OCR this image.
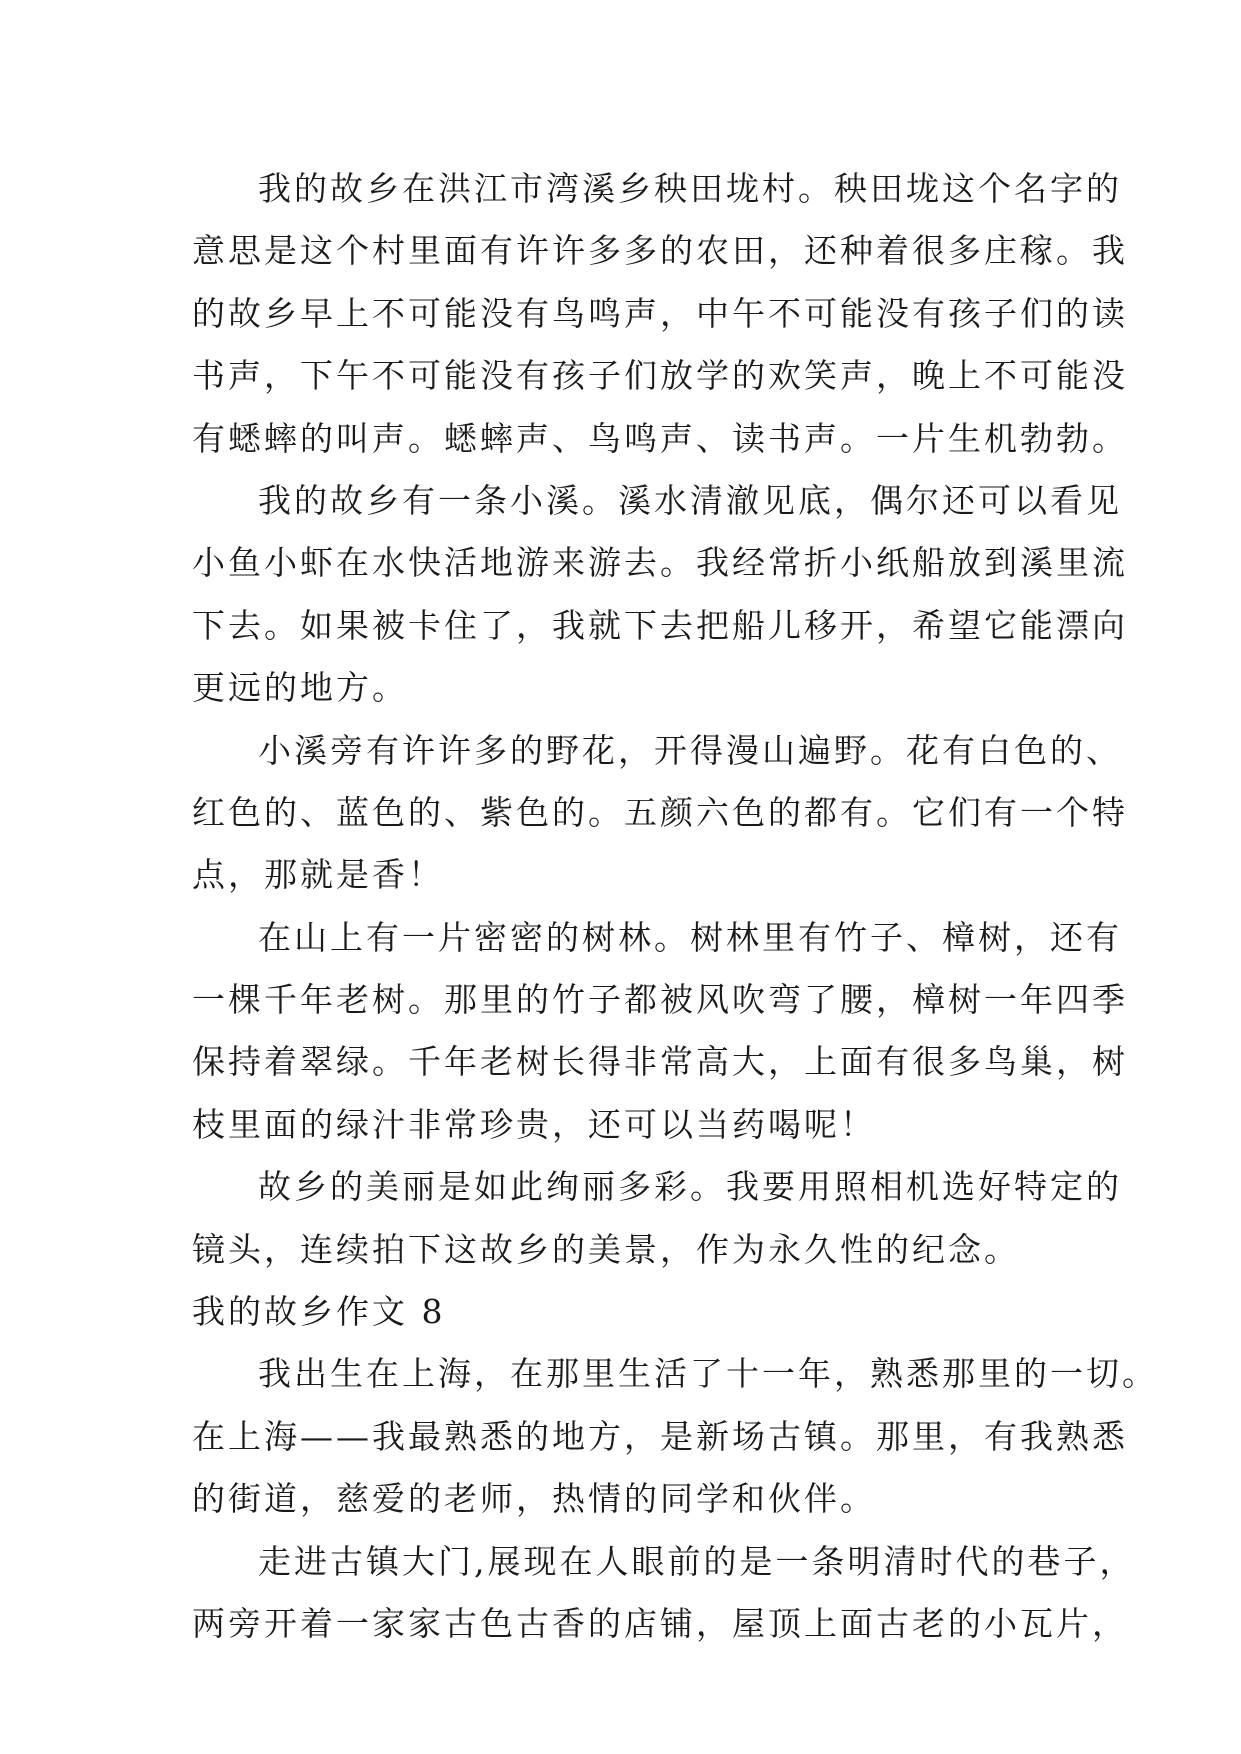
我的故乡在洪江市湾溪乡秧田垅村。秧田垅这个名字的
意思是这个村里面有许许多多的农田，还种着很多庄稼。我
的故乡早上不可能没有鸟鸣声，中午不可能没有孩子们的读
书声，下午不可能没有孩子们放学的欢笑声，晚上不可能没
有蟋蟀的叫声。蟋蟀声、鸟鸣声、读书声。一片生机勃勃。
我的故乡有一条小溪。溪水清澈见底，偶尔还可以看见
小鱼小虾在水快活地游来游去。我经常折小纸船放到溪里流
下去。如果被卡住了，我就下去把船儿移开，希望它能漂向
更远的地方。
小溪旁有许许多的野花，开得漫山遍野。花有白色的、
红色的、蓝色的、紫色的。五颜六色的都有。它们有一个特
点，那就是香！
在山上有一片密密的树林。树林里有竹子、樟树，还有
一棵千年老树。那里的竹子都被风吹弯了腰，樟树一年四季
保持着翠绿。千年老树长得非常高大，上面有很多鸟巢，树
枝里面的绿汁非常珍贵，还可以当药喝呢！
故乡的美丽是如此绚丽多彩。我要用照相机选好特定的
镜头，连续拍下这故乡的美景，作为永久性的纪念。
我的故乡作文 8
我出生在上海，在那里生活了十一年，熟悉那里的一切。
在上海——我最熟悉的地方，是新场古镇。那里，有我熟悉
的街道，慈爱的老师，热情的同学和伙伴。
走进古镇大门,展现在人眼前的是一条明清时代的巷子，
两旁开着一家家古色古香的店铺，屋顶上面古老的小瓦片，
